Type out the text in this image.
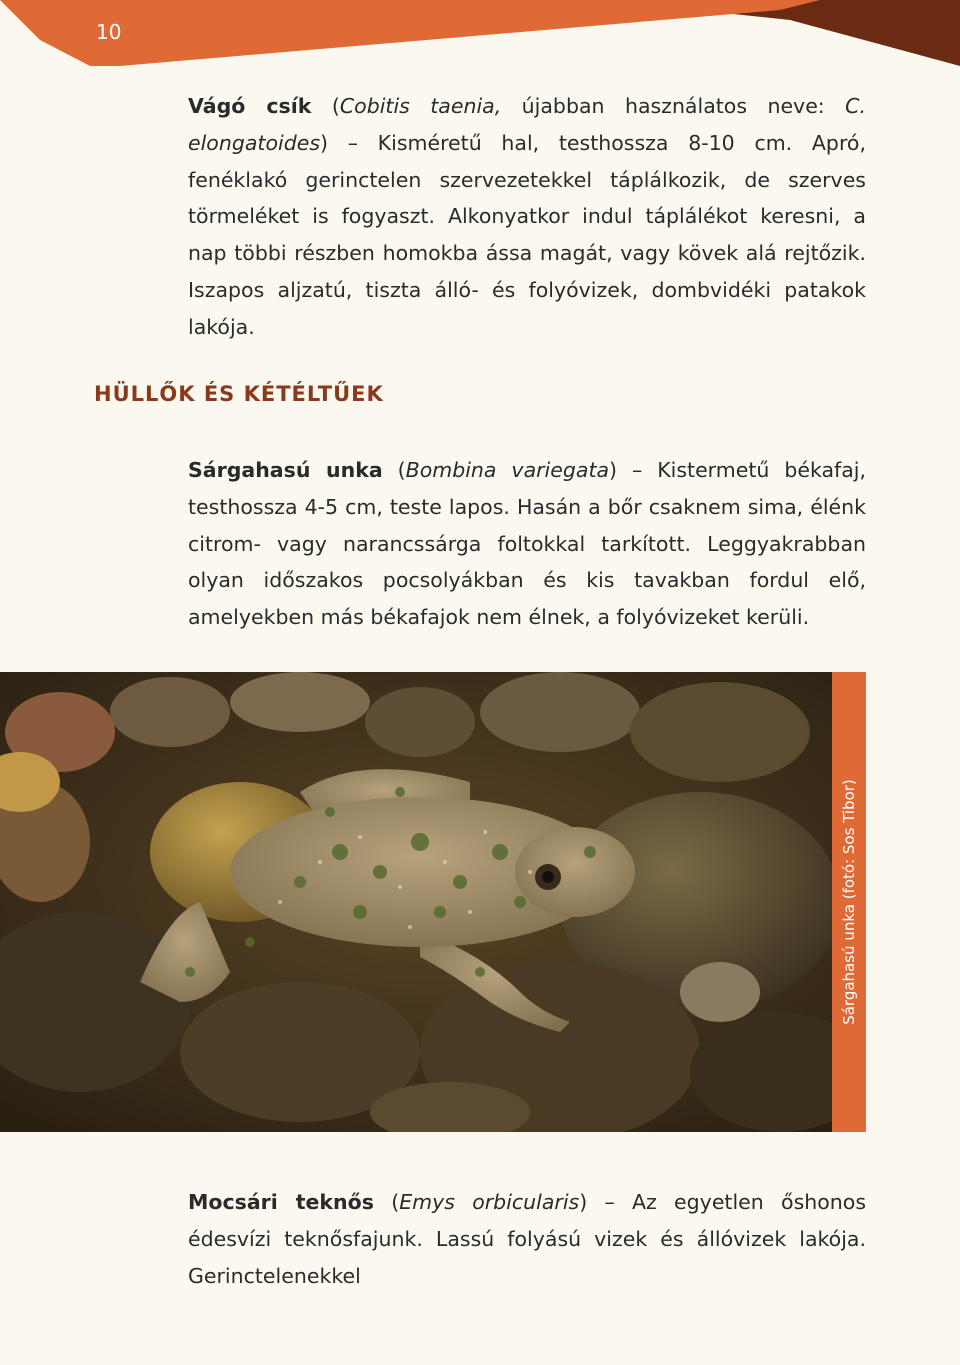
10
Vágó csík (Cobitis taenia, újabban használatos neve: C. elongatoides) – Kisméretű hal, testhossza 8-10 cm. Apró, fenéklakó gerinctelen szervezetekkel táplálkozik, de szerves törmeléket is fogyaszt. Alkonyatkor indul táplálékot keresni, a nap többi részben homokba ássa magát, vagy kövek alá rejtőzik. Iszapos aljzatú, tiszta álló- és folyóvizek, dombvidéki patakok lakója.
HÜLLŐK ÉS KÉTÉLTŰEK
Sárgahasú unka (Bombina variegata) – Kistermetű békafaj, testhossza 4-5 cm, teste lapos. Hasán a bőr csaknem sima, élénk citrom- vagy narancssárga foltokkal tarkított. Leggyakrabban olyan időszakos pocsolyákban és kis tavakban fordul elő, amelyekben más békafajok nem élnek, a folyóvizeket kerüli.
Sárgahasú unka (fotó: Sos Tibor)
Mocsári teknős (Emys orbicularis) – Az egyetlen őshonos édesvízi teknősfajunk. Lassú folyású vizek és állóvizek lakója. Gerinctelenekkel
